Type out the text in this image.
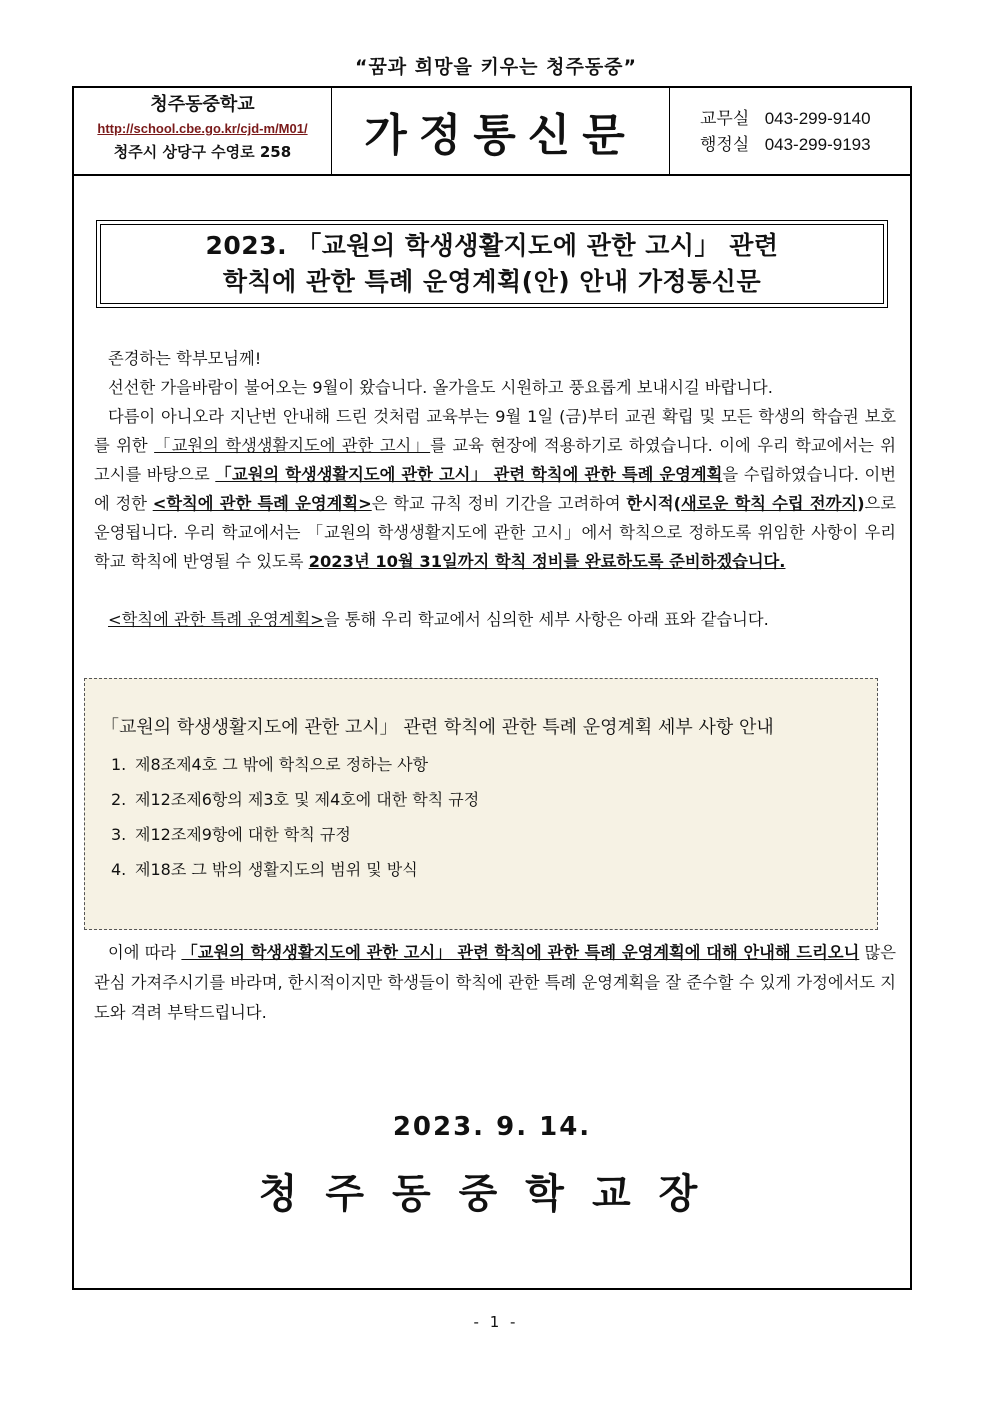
“꿈과 희망을 키우는 청주동중”
청주동중학교
http://school.cbe.go.kr/cjd-m/M01/
청주시 상당구 수영로 258	가정통신문	교무실 043-299-9140
행정실 043-299-9193
2023. 「교원의 학생생활지도에 관한 고시」 관련
학칙에 관한 특례 운영계획(안) 안내 가정통신문

존경하는 학부모님께!

선선한 가을바람이 불어오는 9월이 왔습니다. 올가을도 시원하고 풍요롭게 보내시길 바랍니다.

다름이 아니오라 지난번 안내해 드린 것처럼 교육부는 9월 1일 (금)부터 교권 확립 및 모든 학생의 학습권 보호를 위한 「교원의 학생생활지도에 관한 고시」를 교육 현장에 적용하기로 하였습니다. 이에 우리 학교에서는 위 고시를 바탕으로 「교원의 학생생활지도에 관한 고시」 관련 학칙에 관한 특례 운영계획을 수립하였습니다. 이번에 정한 <학칙에 관한 특례 운영계획>은 학교 규칙 정비 기간을 고려하여 한시적(새로운 학칙 수립 전까지)으로 운영됩니다. 우리 학교에서는 「교원의 학생생활지도에 관한 고시」에서 학칙으로 정하도록 위임한 사항이 우리 학교 학칙에 반영될 수 있도록 2023년 10월 31일까지 학칙 정비를 완료하도록 준비하겠습니다.

<학칙에 관한 특례 운영계획>을 통해 우리 학교에서 심의한 세부 사항은 아래 표와 같습니다.

「교원의 학생생활지도에 관한 고시」 관련 학칙에 관한 특례 운영계획 세부 사항 안내
1. 제8조제4호 그 밖에 학칙으로 정하는 사항
2. 제12조제6항의 제3호 및 제4호에 대한 학칙 규정
3. 제12조제9항에 대한 학칙 규정
4. 제18조 그 밖의 생활지도의 범위 및 방식

이에 따라 「교원의 학생생활지도에 관한 고시」 관련 학칙에 관한 특례 운영계획에 대해 안내해 드리오니 많은 관심 가져주시기를 바라며, 한시적이지만 학생들이 학칙에 관한 특례 운영계획을 잘 준수할 수 있게 가정에서도 지도와 격려 부탁드립니다.

2023. 9. 14.
청주동중학교장
- 1 -
